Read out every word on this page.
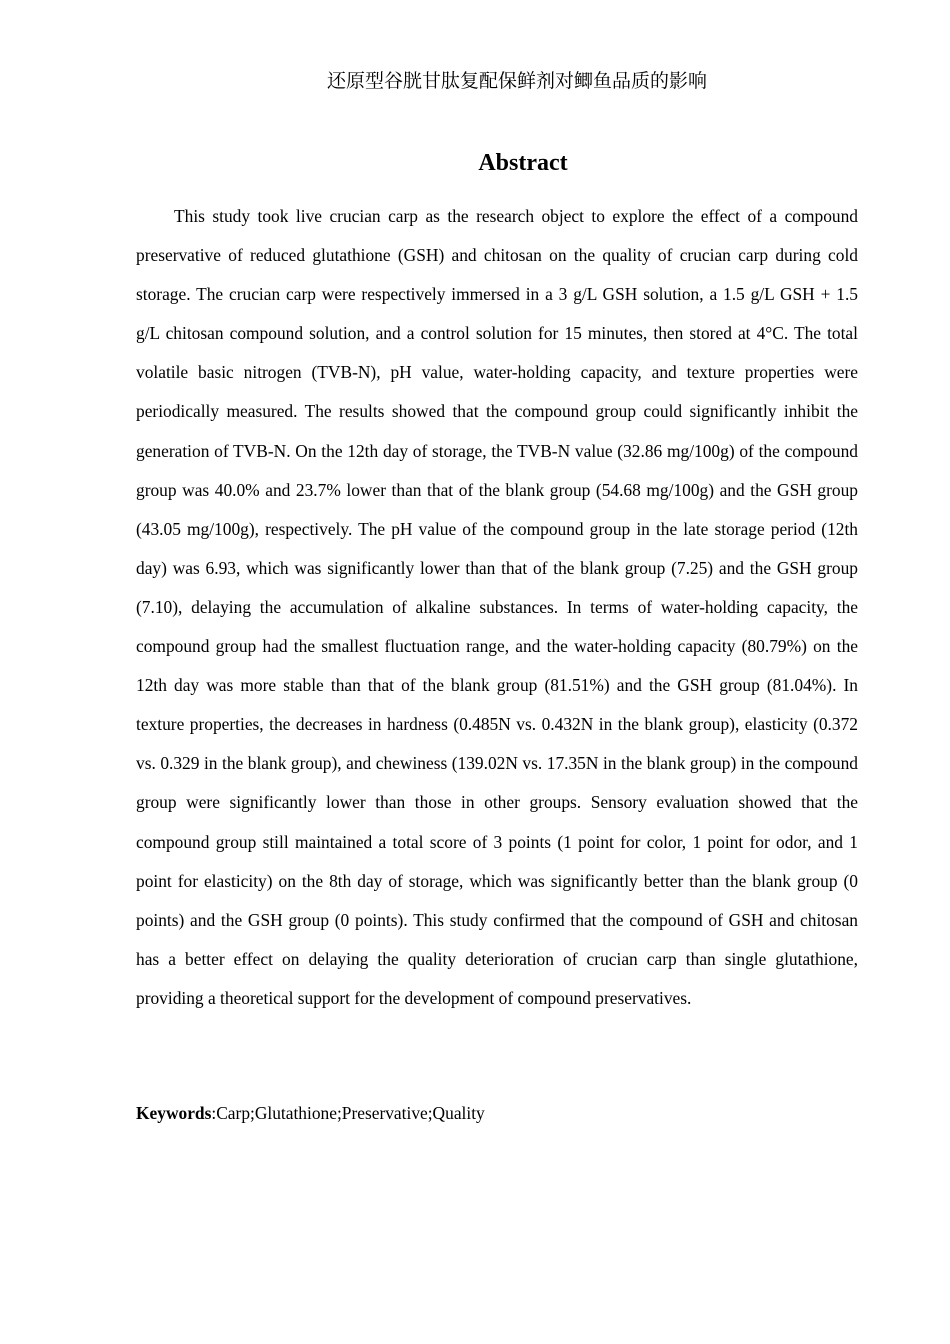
还原型谷胱甘肽复配保鲜剂对鲫鱼品质的影响

Abstract

This study took live crucian carp as the research object to explore the effect of a compound preservative of reduced glutathione (GSH) and chitosan on the quality of crucian carp during cold storage. The crucian carp were respectively immersed in a 3 g/L GSH solution, a 1.5 g/L GSH + 1.5 g/L chitosan compound solution, and a control solution for 15 minutes, then stored at 4°C. The total volatile basic nitrogen (TVB-N), pH value, water-holding capacity, and texture properties were periodically measured. The results showed that the compound group could significantly inhibit the generation of TVB-N. On the 12th day of storage, the TVB-N value (32.86 mg/100g) of the compound group was 40.0% and 23.7% lower than that of the blank group (54.68 mg/100g) and the GSH group (43.05 mg/100g), respectively. The pH value of the compound group in the late storage period (12th day) was 6.93, which was significantly lower than that of the blank group (7.25) and the GSH group (7.10), delaying the accumulation of alkaline substances. In terms of water-holding capacity, the compound group had the smallest fluctuation range, and the water-holding capacity (80.79%) on the 12th day was more stable than that of the blank group (81.51%) and the GSH group (81.04%). In texture properties, the decreases in hardness (0.485N vs. 0.432N in the blank group), elasticity (0.372 vs. 0.329 in the blank group), and chewiness (139.02N vs. 17.35N in the blank group) in the compound group were significantly lower than those in other groups. Sensory evaluation showed that the compound group still maintained a total score of 3 points (1 point for color, 1 point for odor, and 1 point for elasticity) on the 8th day of storage, which was significantly better than the blank group (0 points) and the GSH group (0 points). This study confirmed that the compound of GSH and chitosan has a better effect on delaying the quality deterioration of crucian carp than single glutathione, providing a theoretical support for the development of compound preservatives.

Keywords:Carp;Glutathione;Preservative;Quality
